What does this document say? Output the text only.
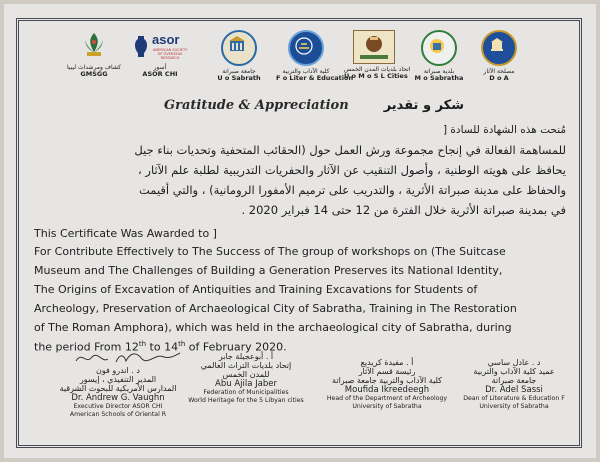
كشاف ومرشدات ليبيا
GMSGG
asor
AMERICAN SOCIETY OF OVERSEAS RESEARCH
أسور
ASOR CHI	جامعة صبراتة
U o Sabrath
كلية الآداب والتربية
F o Liter & Education
اتحاد بلديات المدن الخمس
U o M o S L Cities
بلدية صبراتة
M o Sabratha
مصلحة الآثار
D o A
Gratitude & Appreciation	شكر و تقدير
مُنحت هذه الشهادة للسادة [
للمساهمة الفعالة في إنجاح مجموعة ورش العمل حول (الحقائب المتحفية وتحديات بناء جيل
يحافظ على هويته الوطنية ، وأصول التنقيب عن الآثار والحفريات التدريبية لطلبة علم الآثار ،
والحفاظ على مدينة صبراتة الأثرية ، والتدريب على ترميم الأمفورا الرومانية) ، والتي أقيمت
في بمدينة صبراتة الأثرية خلال الفترة من 12 حتى 14 فبراير 2020 .
This Certificate Was Awarded to ]
For Contribute Effectively to The Success of The group of workshops on (The Suitcase
Museum and The Challenges of Building a Generation Preserves its National Identity,
The Origins of Excavation of Antiquities and Training Excavations for Students of
Archeology, Preservation of Archaeological City of Sabratha, Training in The Restoration
of The Roman Amphora), which was held in the archaeological city of Sabratha, during
the period From 12th to 14th of February 2020.
د . اندرو فون
المدير التنفيذي ، إيسور
المدارس الأمريكية للبحوث الشرقية
Dr. Andrew G. Vaughn
Executive Director ASOR CHI
American Schools of Oriental R
أ . أبوعجيلة جابر
إتحاد بلديات التراث العالمي
للمدن الخمس
Abu Ajila Jaber
Federation of Municipalities
World Heritage for the 5 Libyan cities
أ . مفيدة كريديع
رئيسة قسم الآثار
كلية الآداب والتربية جامعة صبراتة
Moufida Ikreedeegh
Head of the Department of Archeology
University of Sabratha
د . عادل ساسي
عميد كلية الآداب والتربية
جامعة صبراتة
Dr. Adel Sassi
Dean of Literature & Education F
University of Sabratha
